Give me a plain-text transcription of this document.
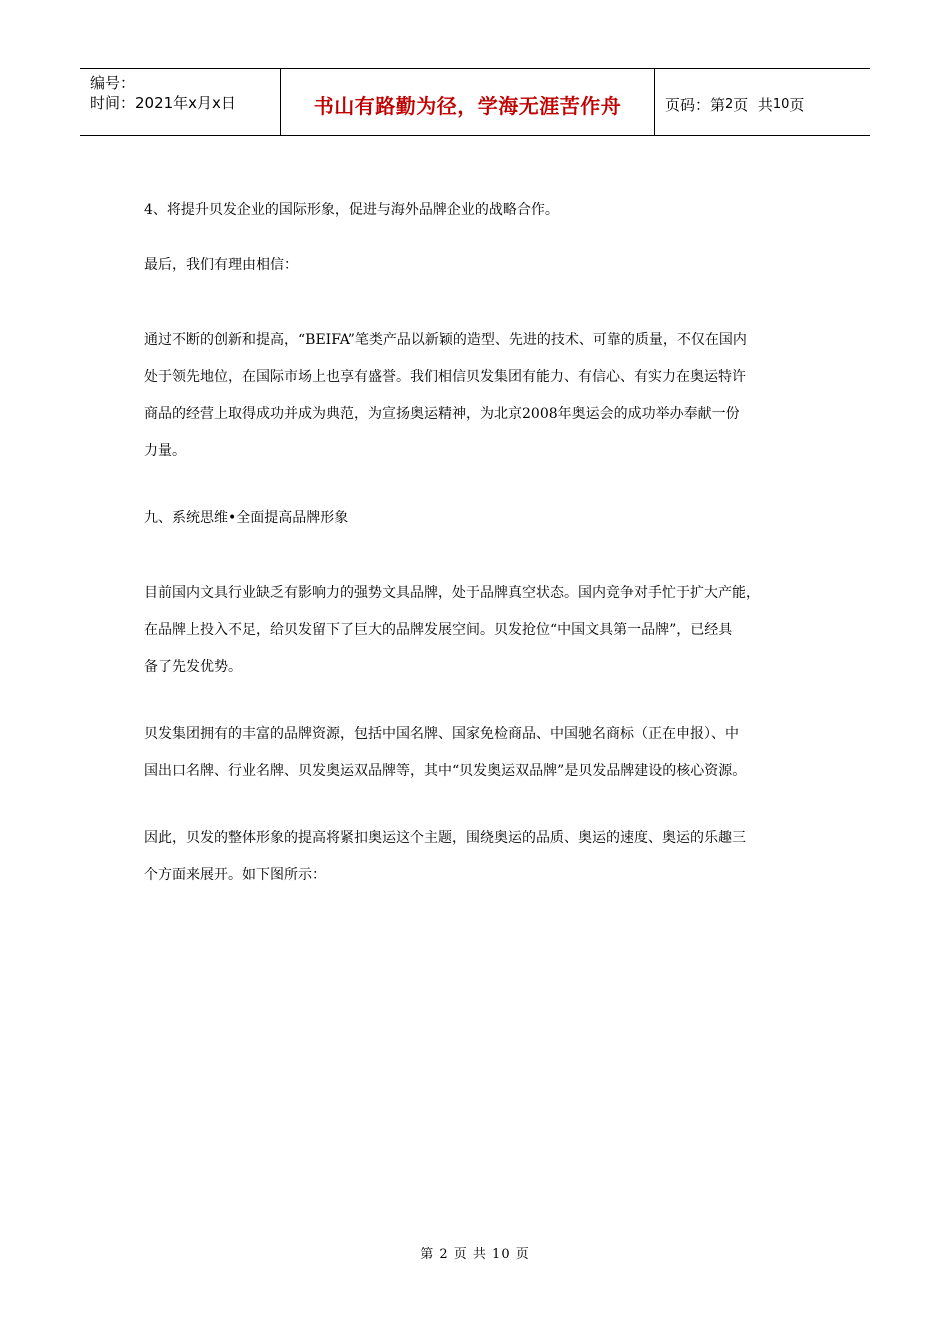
编号：
时间：2021年x月x日	书山有路勤为径，学海无涯苦作舟	页码：第 2 页  共 10 页

4、将提升贝发企业的国际形象，促进与海外品牌企业的战略合作。

最后，我们有理由相信：

通过不断的创新和提高，“BEIFA”笔类产品以新颖的造型、先进的技术、可靠的质量，不仅在国内

处于领先地位，在国际市场上也享有盛誉。我们相信贝发集团有能力、有信心、有实力在奥运特许

商品的经营上取得成功并成为典范，为宣扬奥运精神，为北京2008年奥运会的成功举办奉献一份

力量。

九、系统思维•全面提高品牌形象

目前国内文具行业缺乏有影响力的强势文具品牌，处于品牌真空状态。国内竞争对手忙于扩大产能，

在品牌上投入不足，给贝发留下了巨大的品牌发展空间。贝发抢位“中国文具第一品牌”，已经具

备了先发优势。

贝发集团拥有的丰富的品牌资源，包括中国名牌、国家免检商品、中国驰名商标（正在申报）、中

国出口名牌、行业名牌、贝发奥运双品牌等，其中“贝发奥运双品牌”是贝发品牌建设的核心资源。

因此，贝发的整体形象的提高将紧扣奥运这个主题，围绕奥运的品质、奥运的速度、奥运的乐趣三

个方面来展开。如下图所示：

第 2 页 共 10 页
